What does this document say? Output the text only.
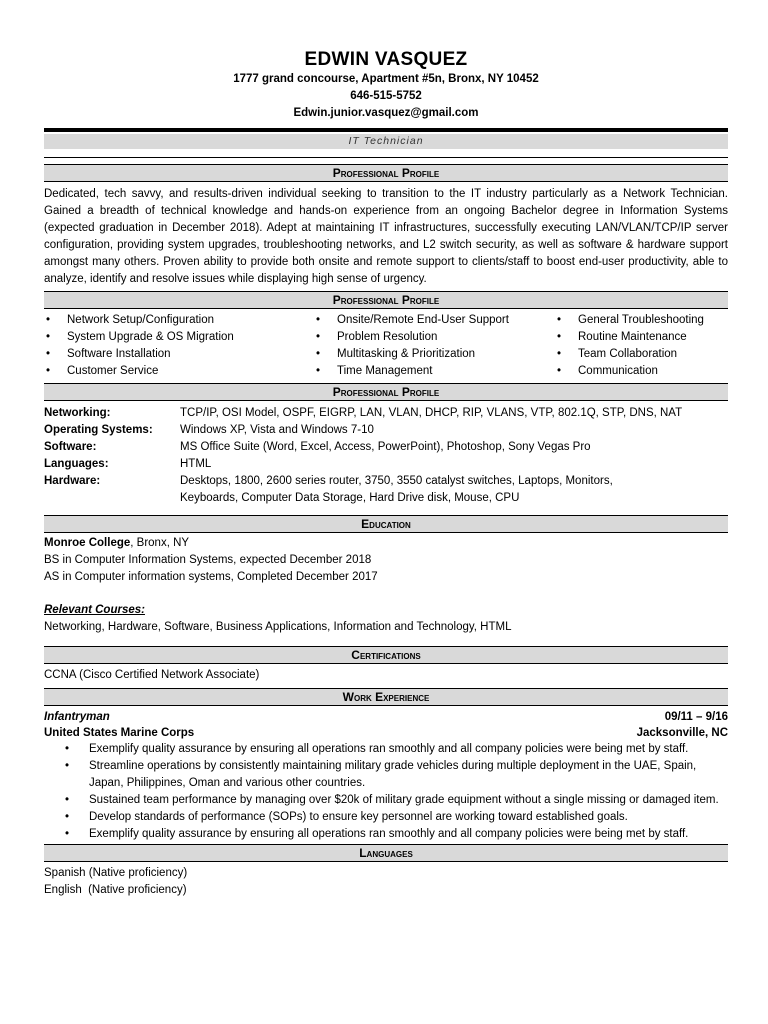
EDWIN VASQUEZ
1777 grand concourse, Apartment #5n, Bronx, NY 10452
646-515-5752
Edwin.junior.vasquez@gmail.com
IT Technician
Professional Profile
Dedicated, tech savvy, and results-driven individual seeking to transition to the IT industry particularly as a Network Technician. Gained a breadth of technical knowledge and hands-on experience from an ongoing Bachelor degree in Information Systems (expected graduation in December 2018). Adept at maintaining IT infrastructures, successfully executing LAN/VLAN/TCP/IP server configuration, providing system upgrades, troubleshooting networks, and L2 switch security, as well as software & hardware support amongst many others. Proven ability to provide both onsite and remote support to clients/staff to boost end-user productivity, able to analyze, identify and resolve issues while displaying high sense of urgency.
Professional Profile
• Network Setup/Configuration
• System Upgrade & OS Migration
• Software Installation
• Customer Service
• Onsite/Remote End-User Support
• Problem Resolution
• Multitasking & Prioritization
• Time Management
• General Troubleshooting
• Routine Maintenance
• Team Collaboration
• Communication
Professional Profile
Networking:	TCP/IP, OSI Model, OSPF, EIGRP, LAN, VLAN, DHCP, RIP, VLANS, VTP, 802.1Q, STP, DNS, NAT
Operating Systems:	Windows XP, Vista and Windows 7-10
Software:	MS Office Suite (Word, Excel, Access, PowerPoint), Photoshop, Sony Vegas Pro
Languages:	HTML
Hardware:	Desktops, 1800, 2600 series router, 3750, 3550 catalyst switches, Laptops, Monitors,
Keyboards, Computer Data Storage, Hard Drive disk, Mouse, CPU
Education
Monroe College, Bronx, NY
BS in Computer Information Systems, expected December 2018
AS in Computer information systems, Completed December 2017
Relevant Courses:
Networking, Hardware, Software, Business Applications, Information and Technology, HTML
Certifications
CCNA (Cisco Certified Network Associate)
Work Experience
Infantryman	09/11 – 9/16
United States Marine Corps	Jacksonville, NC
• Exemplify quality assurance by ensuring all operations ran smoothly and all company policies were being met by staff.
• Streamline operations by consistently maintaining military grade vehicles during multiple deployment in the UAE, Spain, Japan, Philippines, Oman and various other countries.
• Sustained team performance by managing over $20k of military grade equipment without a single missing or damaged item.
• Develop standards of performance (SOPs) to ensure key personnel are working toward established goals.
• Exemplify quality assurance by ensuring all operations ran smoothly and all company policies were being met by staff.
Languages
Spanish (Native proficiency)
English  (Native proficiency)
